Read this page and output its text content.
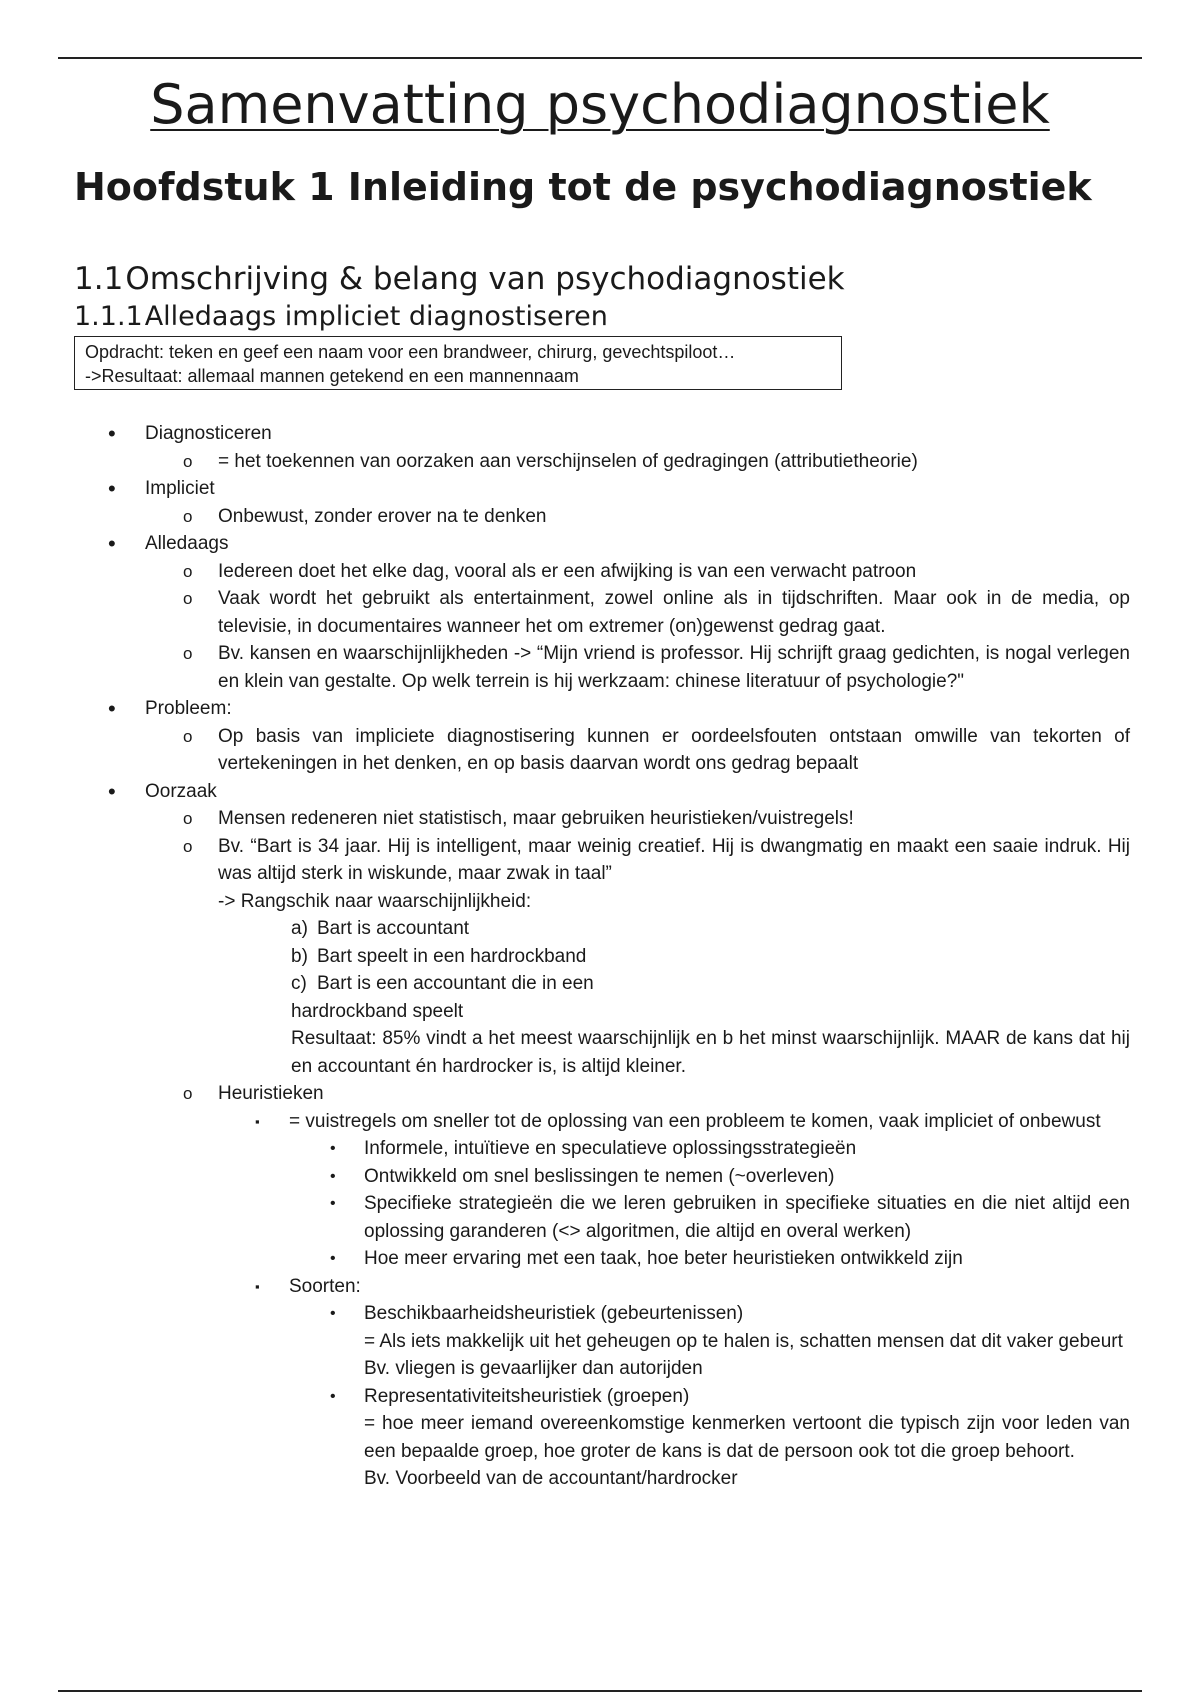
Samenvatting psychodiagnostiek
Hoofdstuk 1 Inleiding tot de psychodiagnostiek
1.1Omschrijving & belang van psychodiagnostiek
1.1.1Alledaags impliciet diagnostiseren
Opdracht: teken en geef een naam voor een brandweer, chirurg, gevechtspiloot…
->Resultaat: allemaal mannen getekend en een mannennaam
• Diagnosticeren
o = het toekennen van oorzaken aan verschijnselen of gedragingen (attributietheorie)
• Impliciet
o Onbewust, zonder erover na te denken
• Alledaags
o Iedereen doet het elke dag, vooral als er een afwijking is van een verwacht patroon
o Vaak wordt het gebruikt als entertainment, zowel online als in tijdschriften. Maar ook in de media, op televisie, in documentaires wanneer het om extremer (on)gewenst gedrag gaat.
o Bv. kansen en waarschijnlijkheden -> “Mijn vriend is professor. Hij schrijft graag gedichten, is nogal verlegen en klein van gestalte. Op welk terrein is hij werkzaam: chinese literatuur of psychologie?"
• Probleem:
o Op basis van impliciete diagnostisering kunnen er oordeelsfouten ontstaan omwille van tekorten of vertekeningen in het denken, en op basis daarvan wordt ons gedrag bepaalt
• Oorzaak
o Mensen redeneren niet statistisch, maar gebruiken heuristieken/vuistregels!
o Bv. “Bart is 34 jaar. Hij is intelligent, maar weinig creatief. Hij is dwangmatig en maakt een saaie indruk. Hij was altijd sterk in wiskunde, maar zwak in taal”
-> Rangschik naar waarschijnlijkheid:
a) Bart is accountant
b) Bart speelt in een hardrockband
c) Bart is een accountant die in een
hardrockband speelt
Resultaat: 85% vindt a het meest waarschijnlijk en b het minst waarschijnlijk. MAAR de kans dat hij en accountant én hardrocker is, is altijd kleiner.
o Heuristieken
▪ = vuistregels om sneller tot de oplossing van een probleem te komen, vaak impliciet of onbewust
• Informele, intuïtieve en speculatieve oplossingsstrategieën
• Ontwikkeld om snel beslissingen te nemen (~overleven)
• Specifieke strategieën die we leren gebruiken in specifieke situaties en die niet altijd een oplossing garanderen (<> algoritmen, die altijd en overal werken)
• Hoe meer ervaring met een taak, hoe beter heuristieken ontwikkeld zijn
▪ Soorten:
• Beschikbaarheidsheuristiek (gebeurtenissen)
= Als iets makkelijk uit het geheugen op te halen is, schatten mensen dat dit vaker gebeurt
Bv. vliegen is gevaarlijker dan autorijden
• Representativiteitsheuristiek (groepen)
= hoe meer iemand overeenkomstige kenmerken vertoont die typisch zijn voor leden van een bepaalde groep, hoe groter de kans is dat de persoon ook tot die groep behoort.
Bv. Voorbeeld van de accountant/hardrocker
